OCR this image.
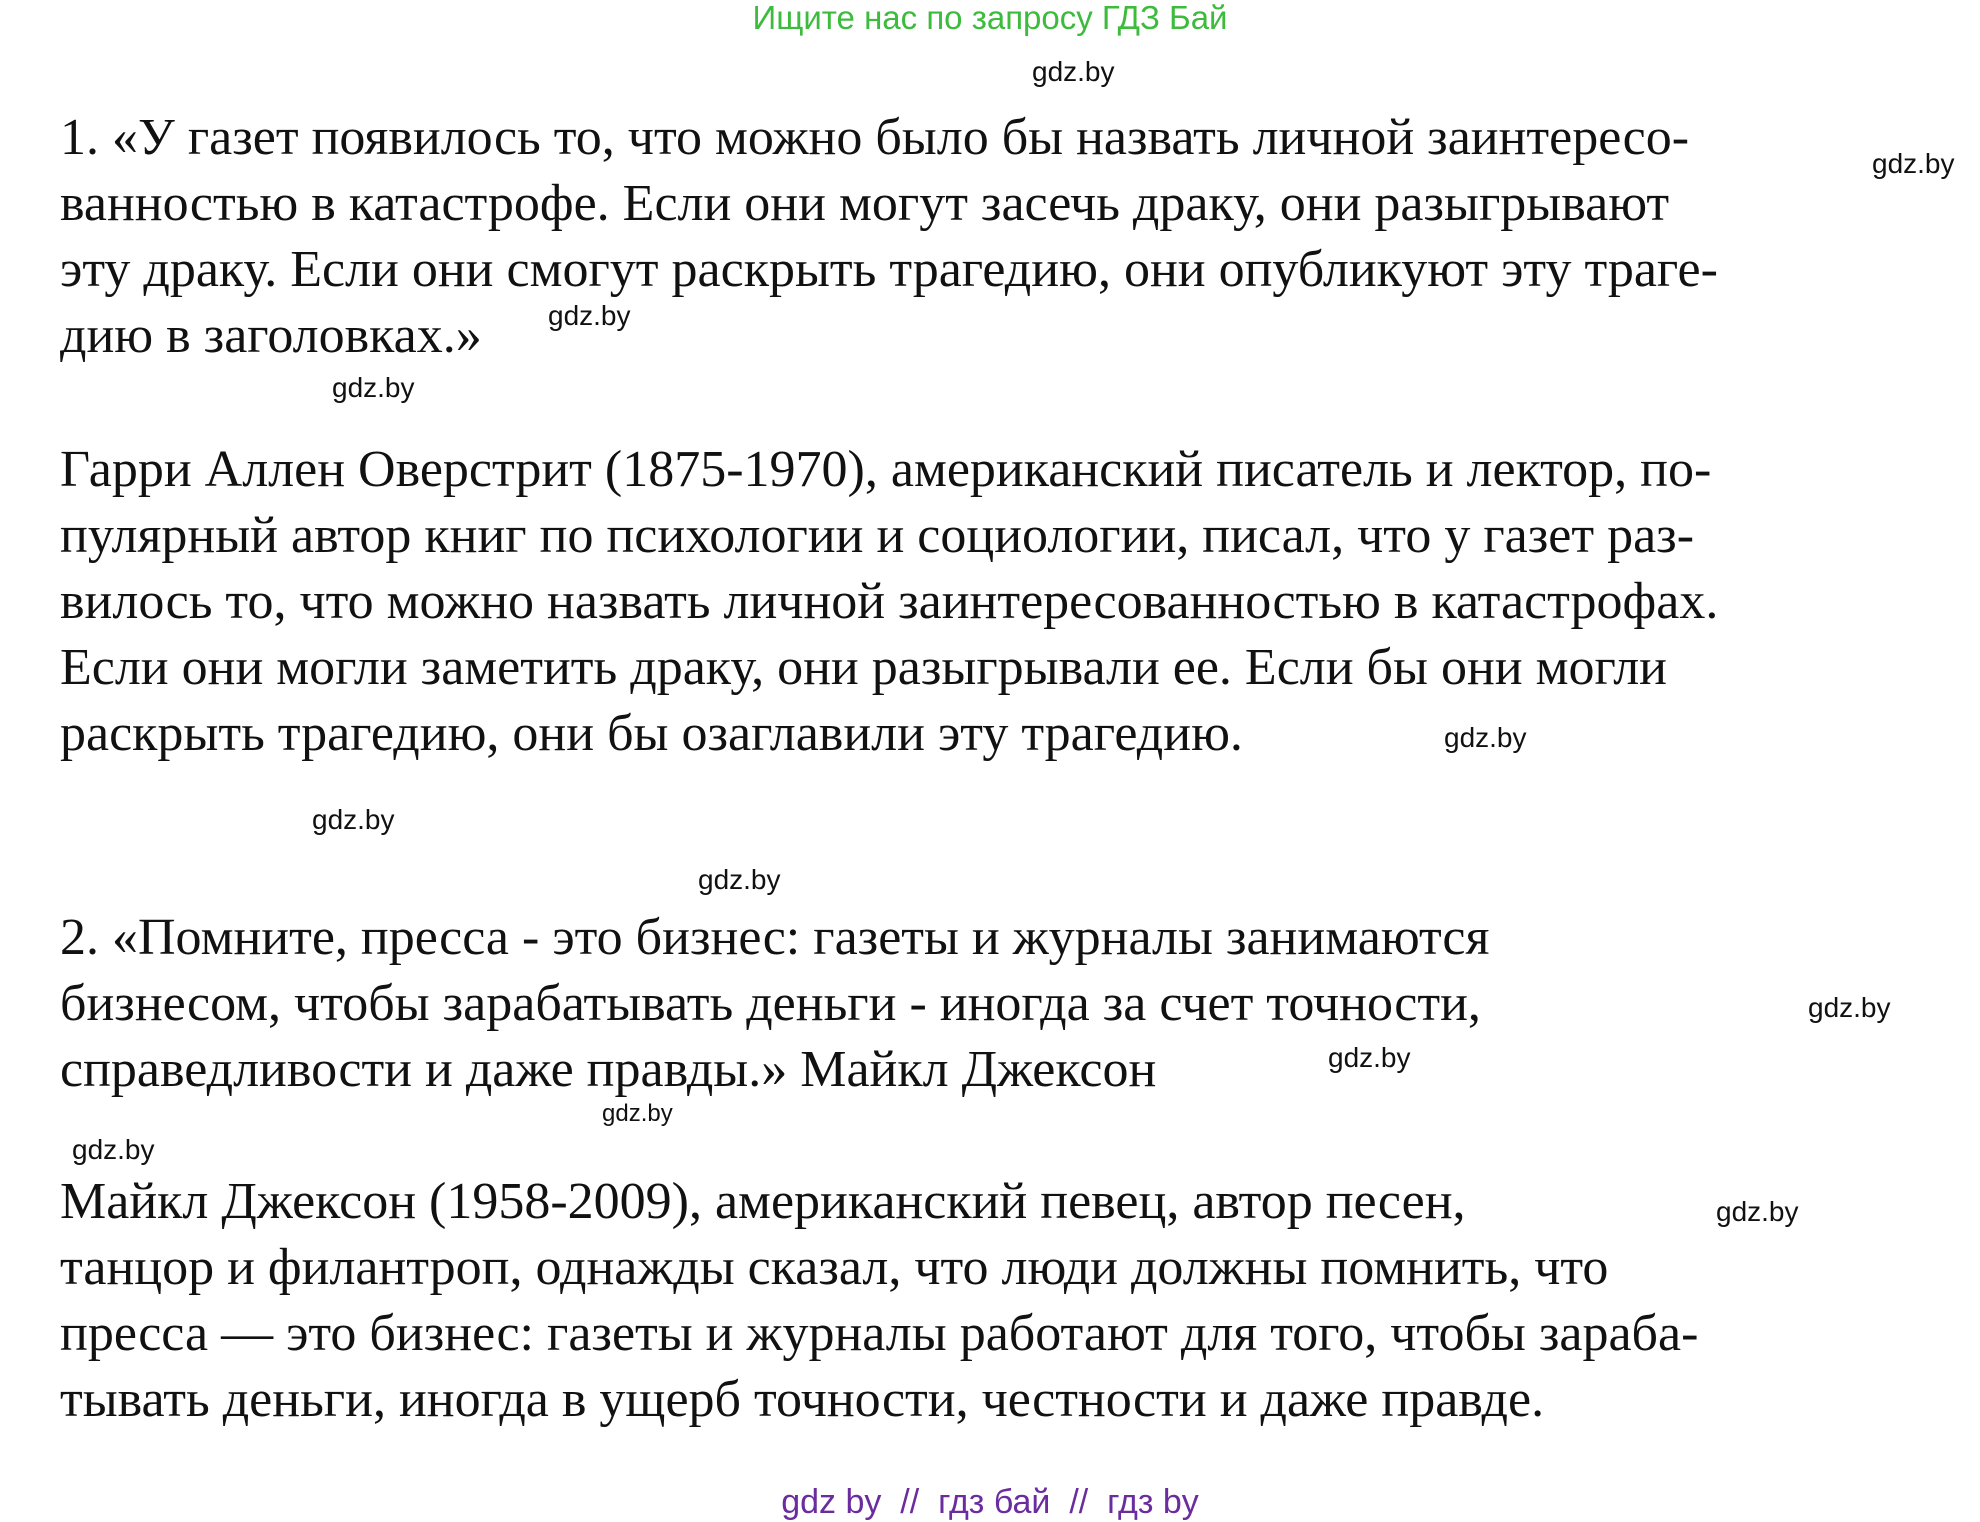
Ищите нас по запросу ГДЗ Бай
1. «У газет появилось то, что можно было бы назвать личной заинтересо-
ванностью в катастрофе. Если они могут засечь драку, они разыгрывают
эту драку. Если они смогут раскрыть трагедию, они опубликуют эту траге-
дию в заголовках.»
Гарри Аллен Оверстрит (1875-1970), американский писатель и лектор, по-
пулярный автор книг по психологии и социологии, писал, что у газет раз-
вилось то, что можно назвать личной заинтересованностью в катастрофах.
Если они могли заметить драку, они разыгрывали ее. Если бы они могли
раскрыть трагедию, они бы озаглавили эту трагедию.
2. «Помните, пресса - это бизнес: газеты и журналы занимаются
бизнесом, чтобы зарабатывать деньги - иногда за счет точности,
справедливости и даже правды.» Майкл Джексон
Майкл Джексон (1958-2009), американский певец, автор песен,
танцор и филантроп, однажды сказал, что люди должны помнить, что
пресса — это бизнес: газеты и журналы работают для того, чтобы зараба-
тывать деньги, иногда в ущерб точности, честности и даже правде.
gdz.by
gdz.by
gdz.by
gdz.by
gdz.by
gdz.by
gdz.by
gdz.by
gdz.by
gdz.by
gdz.by
gdz.by
gdz by  //  гдз бай  //  гдз by
